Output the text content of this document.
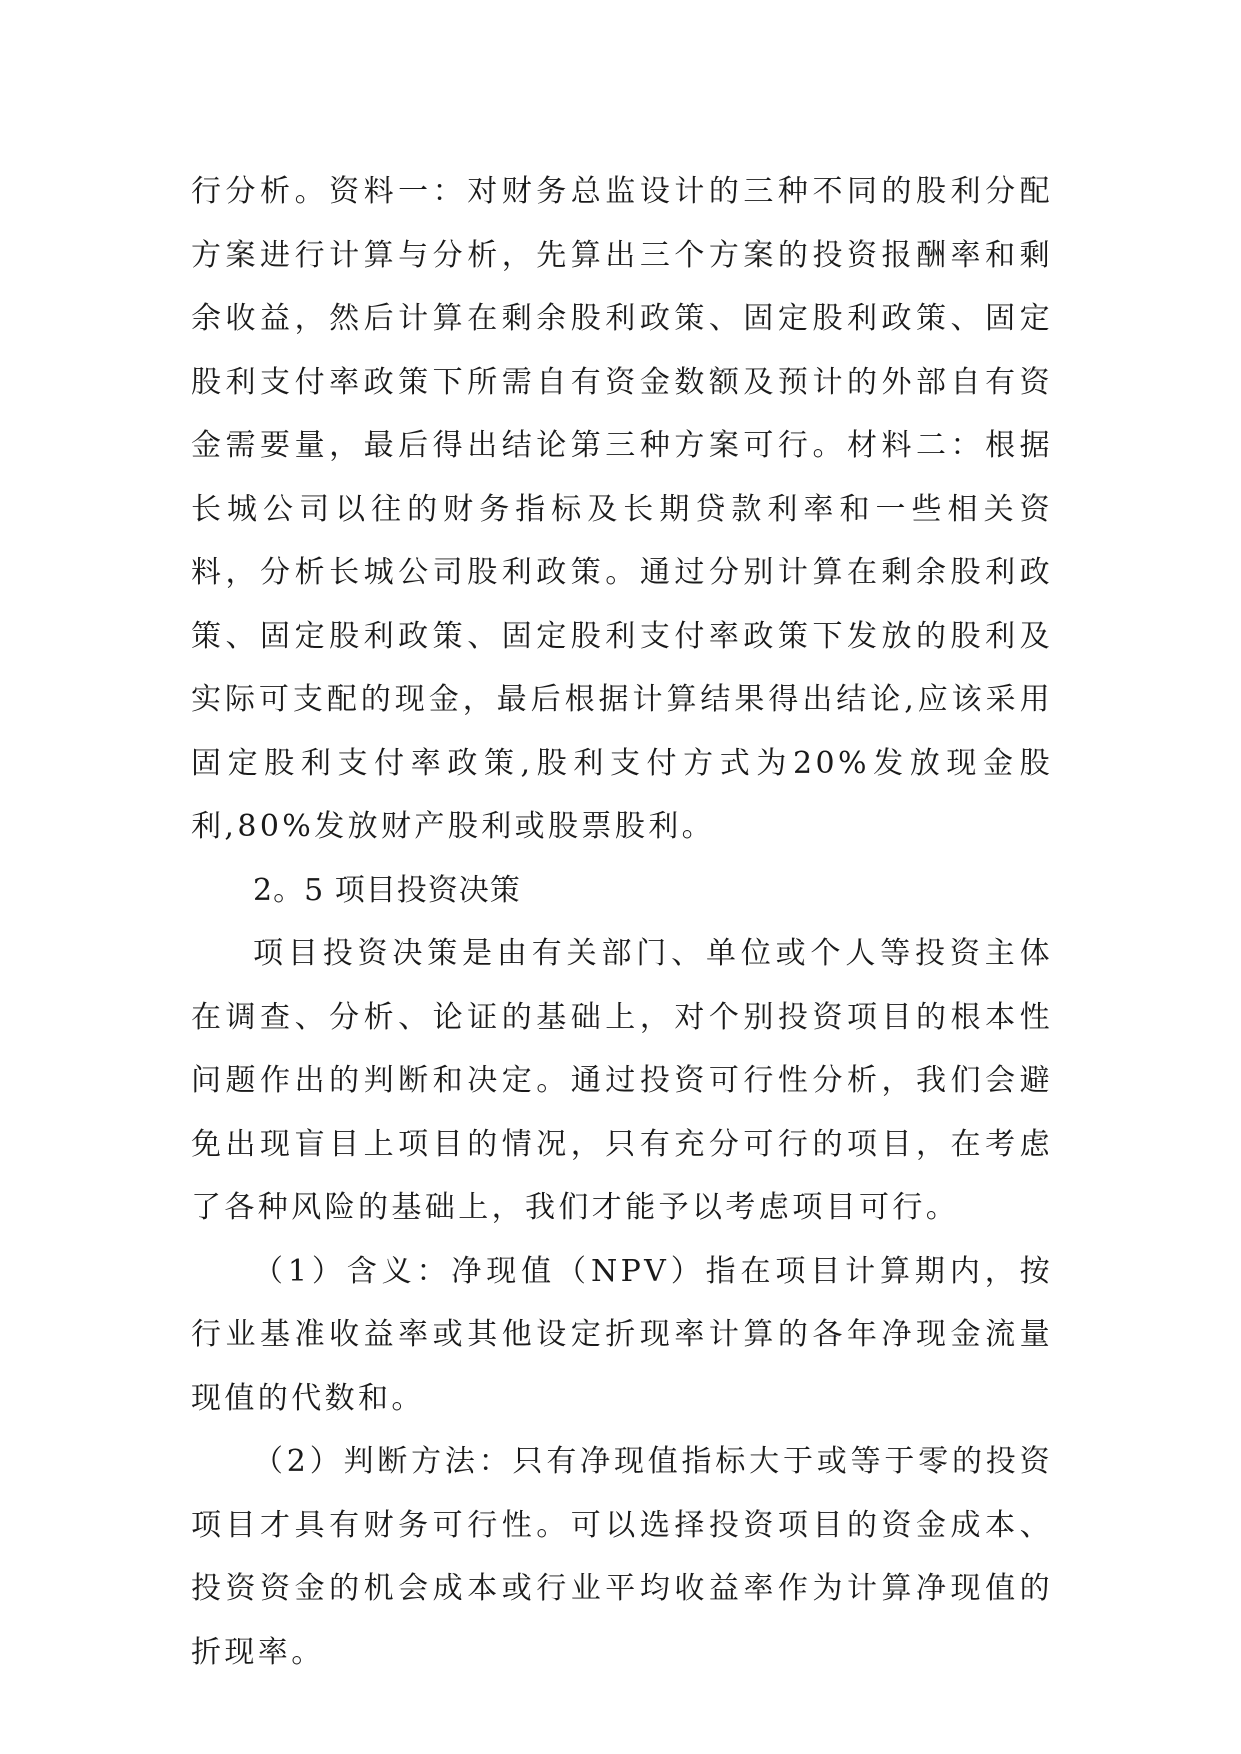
行分析。资料一：对财务总监设计的三种不同的股利分配方案进行计算与分析，先算出三个方案的投资报酬率和剩余收益，然后计算在剩余股利政策、固定股利政策、固定股利支付率政策下所需自有资金数额及预计的外部自有资金需要量，最后得出结论第三种方案可行。材料二：根据长城公司以往的财务指标及长期贷款利率和一些相关资料，分析长城公司股利政策。通过分别计算在剩余股利政策、固定股利政策、固定股利支付率政策下发放的股利及实际可支配的现金，最后根据计算结果得出结论,应该采用固定股利支付率政策,股利支付方式为20%发放现金股利,80%发放财产股利或股票股利。

2。5 项目投资决策

项目投资决策是由有关部门、单位或个人等投资主体在调查、分析、论证的基础上，对个别投资项目的根本性问题作出的判断和决定。通过投资可行性分析，我们会避免出现盲目上项目的情况，只有充分可行的项目，在考虑了各种风险的基础上，我们才能予以考虑项目可行。

（1）含义：净现值（NPV）指在项目计算期内，按行业基准收益率或其他设定折现率计算的各年净现金流量现值的代数和。

（2）判断方法：只有净现值指标大于或等于零的投资项目才具有财务可行性。可以选择投资项目的资金成本、投资资金的机会成本或行业平均收益率作为计算净现值的折现率。
